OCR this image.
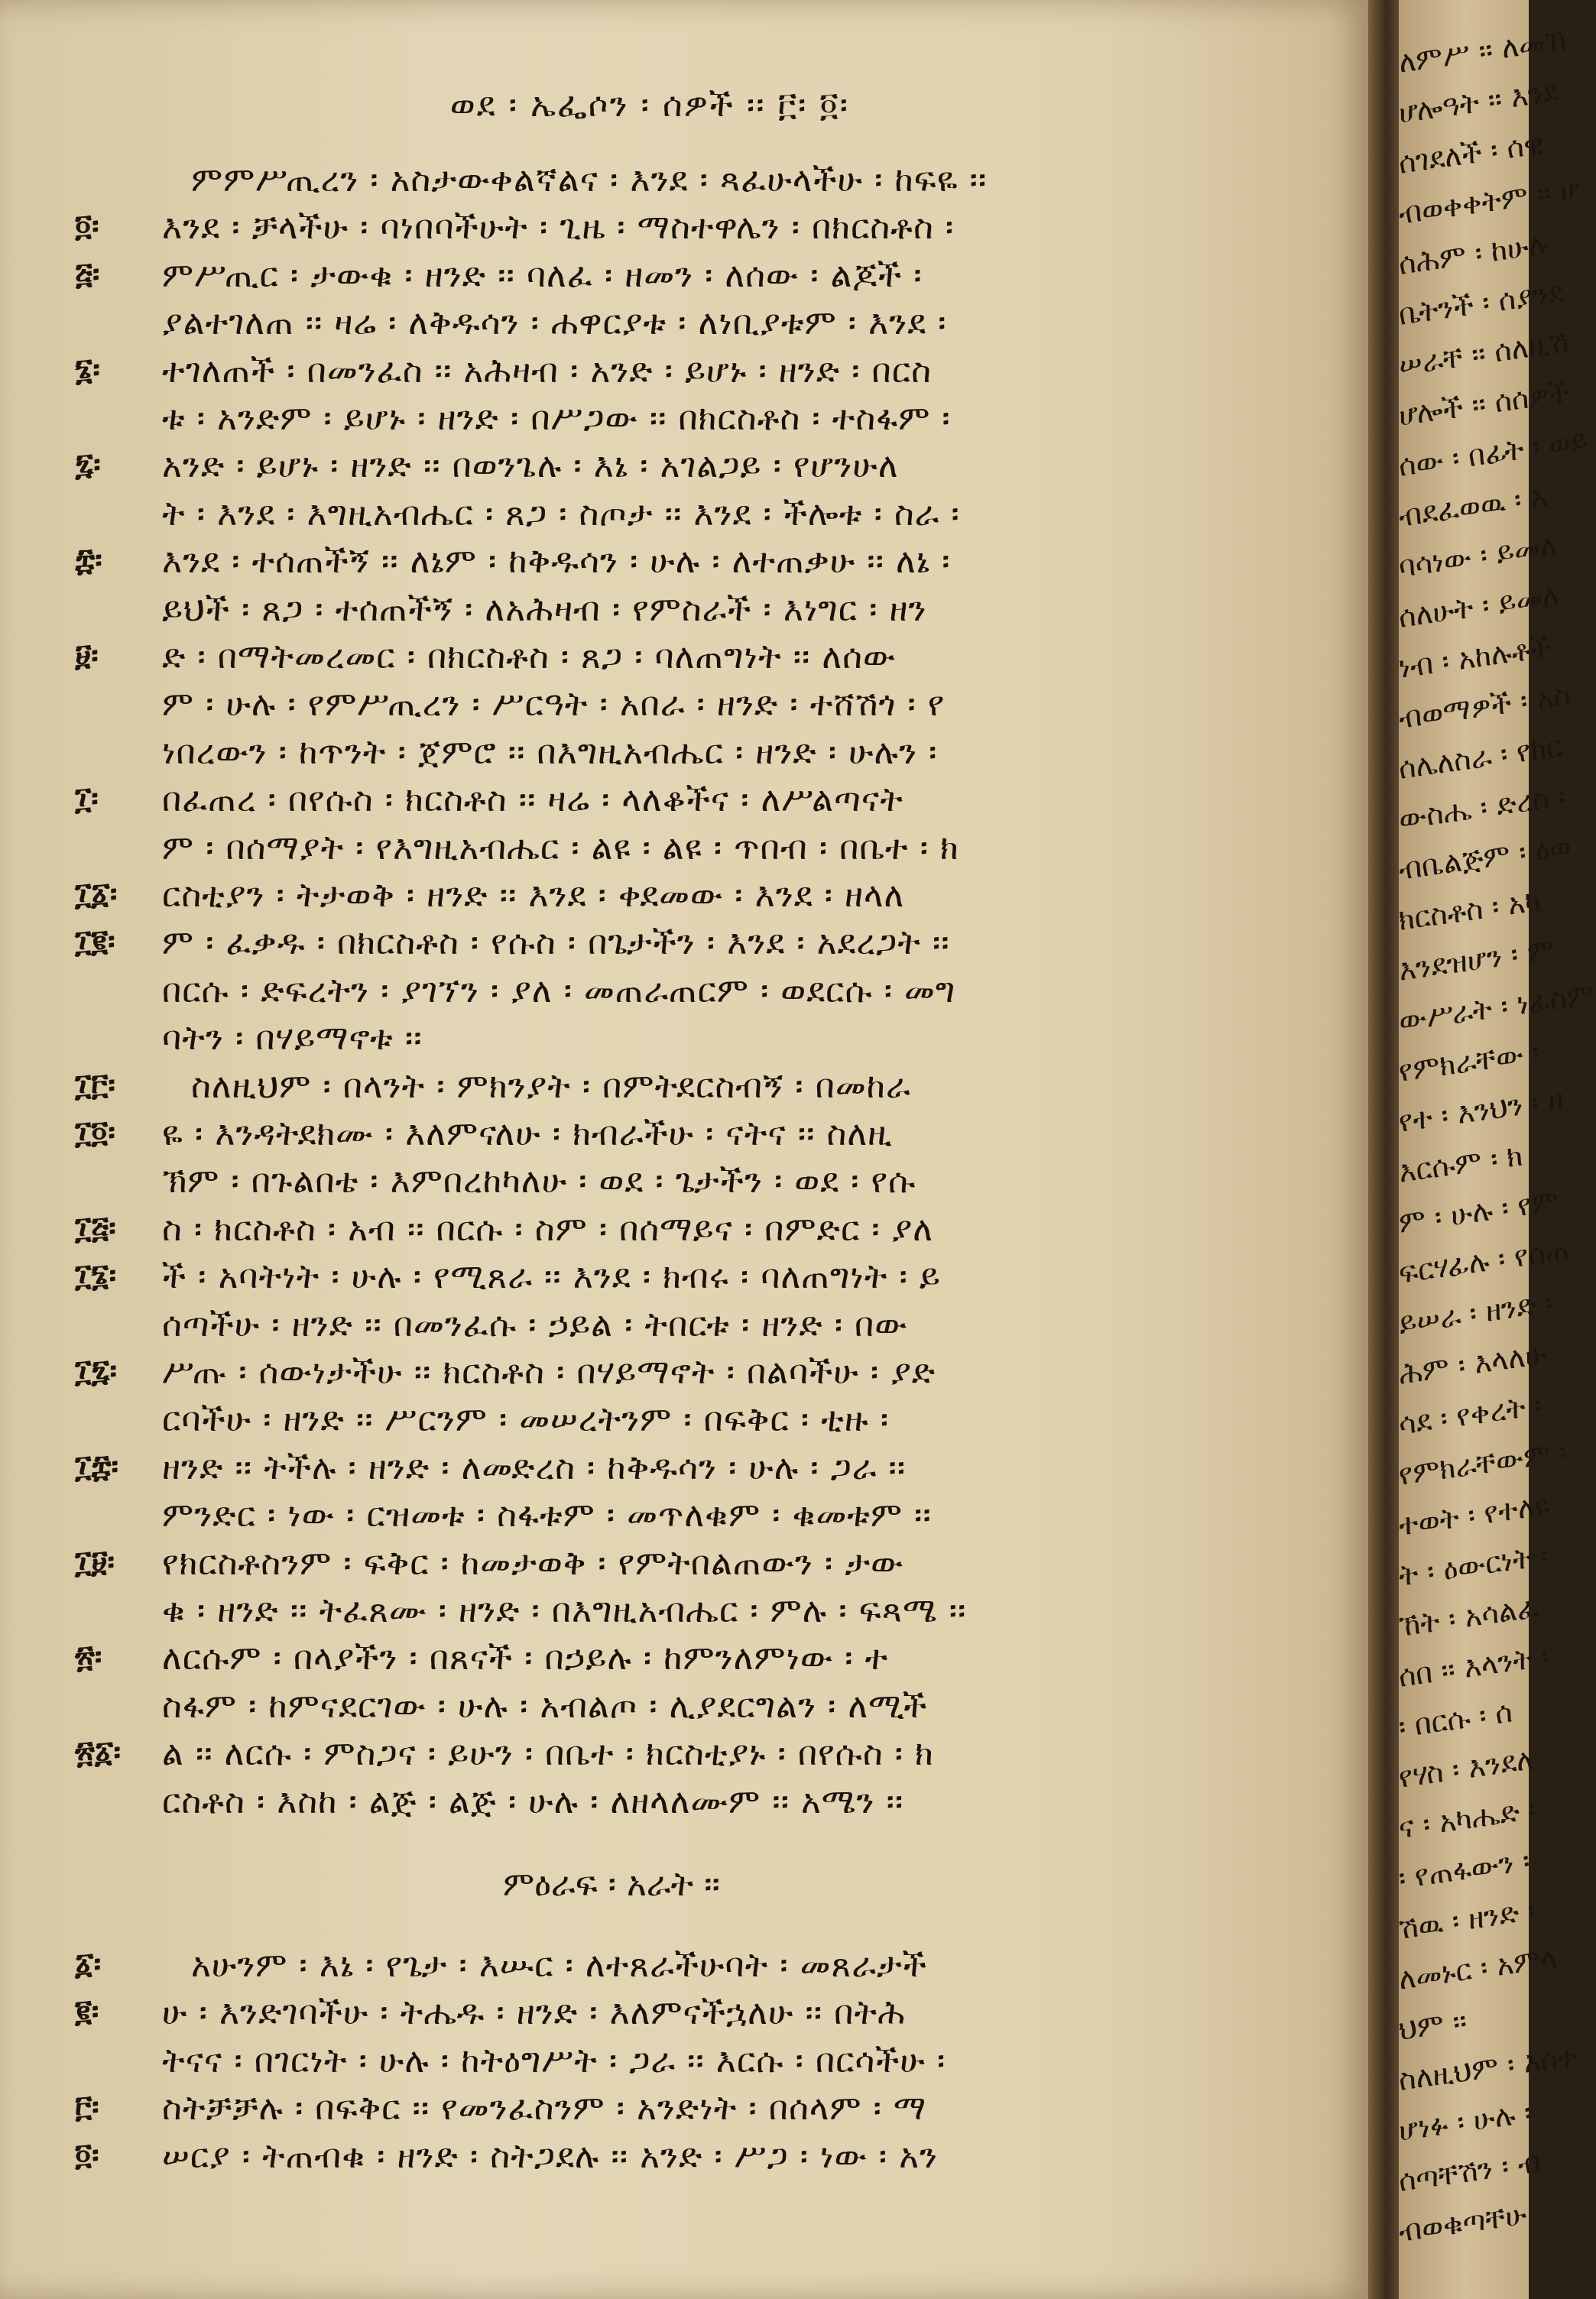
ወደ ፡ ኤፌሶን ፡ ሰዎች ፡፡ ፫፡ ፬፡
ምምሥጢረን ፡ አስታውቀልኛልና ፡ እንደ ፡ ጻፈሁላችሁ ፡ ከፍዬ ፡፡
፬፡ እንደ ፡ ቻላችሁ ፡ ባነበባችሁት ፡ ጊዜ ፡ ማስተዋሌን ፡ በክርስቶስ ፡
፭፡ ምሥጢር ፡ ታውቁ ፡ ዘንድ ፡፡ ባለፈ ፡ ዘመን ፡ ለሰው ፡ ልጆች ፡
ያልተገለጠ ፡፡ ዛሬ ፡ ለቅዱሳን ፡ ሐዋርያቱ ፡ ለነቢያቱም ፡ እንደ ፡
፮፡ ተገለጠች ፡ በመንፈስ ፡፡ አሕዛብ ፡ አንድ ፡ ይሆኑ ፡ ዘንድ ፡ በርስ
ቱ ፡ አንድም ፡ ይሆኑ ፡ ዘንድ ፡ በሥጋው ፡፡ በክርስቶስ ፡ ተስፋም ፡
፯፡ አንድ ፡ ይሆኑ ፡ ዘንድ ፡፡ በወንጌሉ ፡ እኔ ፡ አገልጋይ ፡ የሆንሁለ
ት ፡ እንደ ፡ እግዚአብሔር ፡ ጸጋ ፡ ስጦታ ፡፡ እንደ ፡ ችሎቱ ፡ ስራ ፡
፰፡ እንደ ፡ ተሰጠችኝ ፡፡ ለኔም ፡ ከቅዱሳን ፡ ሁሉ ፡ ለተጠቃሁ ፡፡ ለኔ ፡
ይህች ፡ ጸጋ ፡ ተሰጠችኝ ፡ ለአሕዛብ ፡ የምስራች ፡ እነግር ፡ ዘን
፱፡ ድ ፡ በማትመረመር ፡ በክርስቶስ ፡ ጸጋ ፡ ባለጠግነት ፡፡ ለሰው
ም ፡ ሁሉ ፡ የምሥጢረን ፡ ሥርዓት ፡ አበራ ፡ ዘንድ ፡ ተሸሽጎ ፡ የ
ነበረውን ፡ ከጥንት ፡ ጀምሮ ፡፡ በእግዚአብሔር ፡ ዘንድ ፡ ሁሉን ፡
፲፡ በፈጠረ ፡ በየሱስ ፡ ክርስቶስ ፡፡ ዛሬ ፡ ላለቆችና ፡ ለሥልጣናት
ም ፡ በሰማያት ፡ የእግዚአብሔር ፡ ልዩ ፡ ልዩ ፡ ጥበብ ፡ በቤተ ፡ ክ
፲፩፡ ርስቲያን ፡ ትታወቅ ፡ ዘንድ ፡፡ እንደ ፡ ቀደመው ፡ እንደ ፡ ዘላለ
፲፪፡ ም ፡ ፈቃዱ ፡ በክርስቶስ ፡ የሱስ ፡ በጌታችን ፡ እንደ ፡ አደረጋት ፡፡
በርሱ ፡ ድፍረትን ፡ ያገኘን ፡ ያለ ፡ መጠራጠርም ፡ ወደርሱ ፡ መግ
ባትን ፡ በሃይማኖቱ ፡፡
፲፫፡ ስለዚህም ፡ በላንት ፡ ምክንያት ፡ በምትደርስብኝ ፡ በመከራ
፲፬፡ ዬ ፡ እንዳትደክሙ ፡ እለምናለሁ ፡ ክብራችሁ ፡ ናትና ፡፡ ስለዚ
ኽም ፡ በጉልበቴ ፡ እምበረከካለሁ ፡ ወደ ፡ ጌታችን ፡ ወደ ፡ የሱ
፲፭፡ ስ ፡ ክርስቶስ ፡ አብ ፡፡ በርሱ ፡ ስም ፡ በሰማይና ፡ በምድር ፡ ያለ
፲፮፡ ች ፡ አባትነት ፡ ሁሉ ፡ የሚጸራ ፡፡ እንደ ፡ ክብሩ ፡ ባለጠግነት ፡ ይ
ሰጣችሁ ፡ ዘንድ ፡፡ በመንፈሱ ፡ ኃይል ፡ ትበርቱ ፡ ዘንድ ፡ በው
፲፯፡ ሥጡ ፡ ሰውነታችሁ ፡፡ ክርስቶስ ፡ በሃይማኖት ፡ በልባችሁ ፡ ያድ
ርባችሁ ፡ ዘንድ ፡፡ ሥርንም ፡ መሠረትንም ፡ በፍቅር ፡ ቲዙ ፡
፲፰፡ ዘንድ ፡፡ ትችሉ ፡ ዘንድ ፡ ለመድረስ ፡ ከቅዱሳን ፡ ሁሉ ፡ ጋራ ፡፡
ምንድር ፡ ነው ፡ ርዝመቱ ፡ ስፋቱም ፡ መጥለቁም ፡ ቁመቱም ፡፡
፲፱፡ የክርስቶስንም ፡ ፍቅር ፡ ከመታወቅ ፡ የምትበልጠውን ፡ ታው
ቁ ፡ ዘንድ ፡፡ ትፈጸሙ ፡ ዘንድ ፡ በእግዚአብሔር ፡ ምሉ ፡ ፍጻሜ ፡፡
፳፡ ለርሱም ፡ በላያችን ፡ በጸናች ፡ በኃይሉ ፡ ከምንለምነው ፡ ተ
ስፋም ፡ ከምናደርገው ፡ ሁሉ ፡ አብልጦ ፡ ሊያደርግልን ፡ ለሚች
፳፩፡ ል ፡፡ ለርሱ ፡ ምስጋና ፡ ይሁን ፡ በቤተ ፡ ክርስቲያኑ ፡ በየሱስ ፡ ክ
ርስቶስ ፡ እስከ ፡ ልጅ ፡ ልጅ ፡ ሁሉ ፡ ለዘላለሙም ፡፡ አሜን ፡፡
ምዕራፍ ፡ አራት ፡፡
፩፡	አሁንም ፡ እኔ ፡ የጌታ ፡ እሡር ፡ ለተጸራችሁባት ፡ መጸራታች
፪፡ ሁ ፡ እንድገባችሁ ፡ ትሔዱ ፡ ዘንድ ፡ እለምናችኋለሁ ፡፡ በትሕ
ትናና ፡ በገርነት ፡ ሁሉ ፡ ከትዕግሥት ፡ ጋራ ፡፡ እርሱ ፡ በርሳችሁ ፡
፫፡ ስትቻቻሉ ፡ በፍቅር ፡፡ የመንፈስንም ፡ አንድነት ፡ በሰላም ፡ ማ
፬፡ ሠርያ ፡ ትጠብቁ ፡ ዘንድ ፡ ስትጋደሉ ፡፡ አንድ ፡ ሥጋ ፡ ነው ፡ አን
ለምሥ ፡፡ ለመኸ
ሆሎዓት ፡፡ እንደ
ሰገደለች ፡ ሰዊ
ብወቀቀትም ፡፡ ሆ
ሰሕም ፡ ከሁሉ
ቤትንች ፡ ሰያንደ
ሠራቸ ፡፡ ሰለዚሽ
ሆሎች ፡፡ ሰሰዎች
ሰው ፡ በፊት ፡ ወይ
ብደፈወዉ ፡ እ
ባሳነው ፡ ይመለ
ሰለሁት ፡ ይመለ
ነብ ፡ አከሉቶች
ብወማዎች ፡ አስ
ሰሌለስራ ፡ የክር
ውስሔ ፡ ድረስ ፡
ብቤልጅም ፡ ዕወ
ክርስቶስ ፡ አካ
እንደዝሆን ፡ ም
ውሥራት ፡ ነፊስም
የምክራቸው ፡
የተ ፡ እንህን ፡ ዘ
እርሱም ፡ ክ
ም ፡ ሁሉ ፡ የም
ፍርሃፊሉ ፡ የሰጠ
ይሠራ ፡ ዘንድ ፡
ሕም ፡ እላለሁ
ሳደ ፡ የቀረት ፡
የምክራቸውም ፡
ተወት ፡ የተለዩ
ት ፡ ዕውርነት ፡
ኸት ፡ አሳልፈ
ሰበ ፡፡ እላንት ፡
፡ በርሱ ፡ ሰ
የሃስ ፡ እንደለ
ና ፡ አካሔድ ፡
፡ የጠፋውን ፡
ሽዉ ፡ ዘንድ ፡
ለመኑር ፡ አምላ
ህም ፡፡
ስለዚህም ፡ እሰተ
ሆነፉ ፡ ሁሉ ፡
ሰጣቸሽን ፡ ብ
ብወቁጣቸሁ
